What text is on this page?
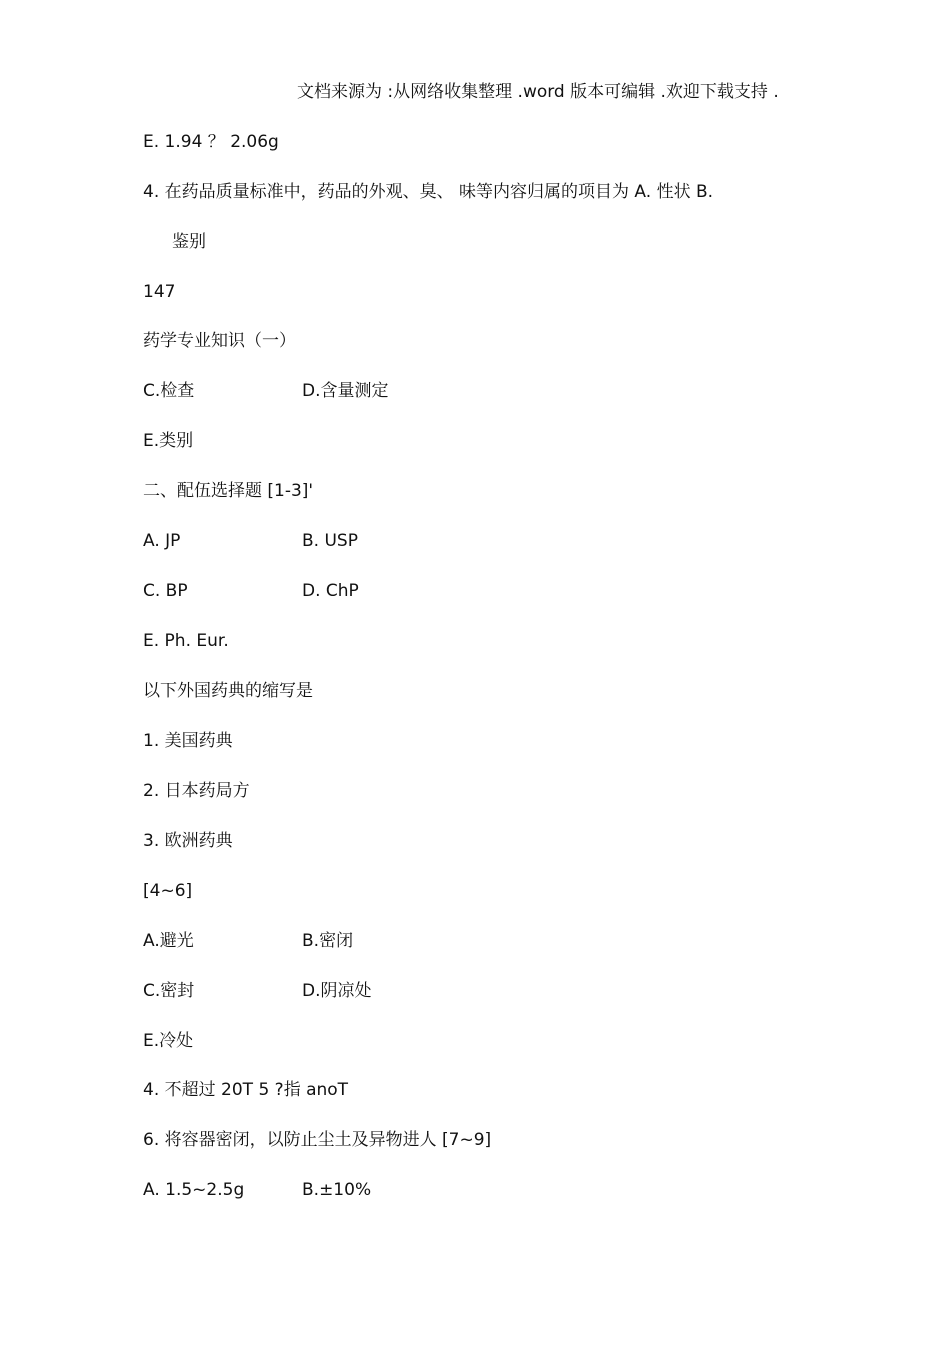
文档来源为 :从网络收集整理 .word 版本可编辑 .欢迎下载支持 .
E. 1.94 ？ 2.06g
4. 在药品质量标准中，药品的外观、臭、 味等内容归属的项目为 A. 性状 B.
鉴别
147
药学专业知识（一）
C.检查	D.含量测定
E.类别
二、配伍选择题 [1-3]'
A. JP	B. USP
C. BP	D. ChP
E. Ph. Eur.
以下外国药典的缩写是
1. 美国药典
2. 日本药局方
3. 欧洲药典
[4~6]
A.避光	B.密闭
C.密封	D.阴凉处
E.冷处
4. 不超过 20T 5 ?指 anoT
6. 将容器密闭，以防止尘土及异物进人 [7~9]
A. 1.5~2.5g	B.±10%
